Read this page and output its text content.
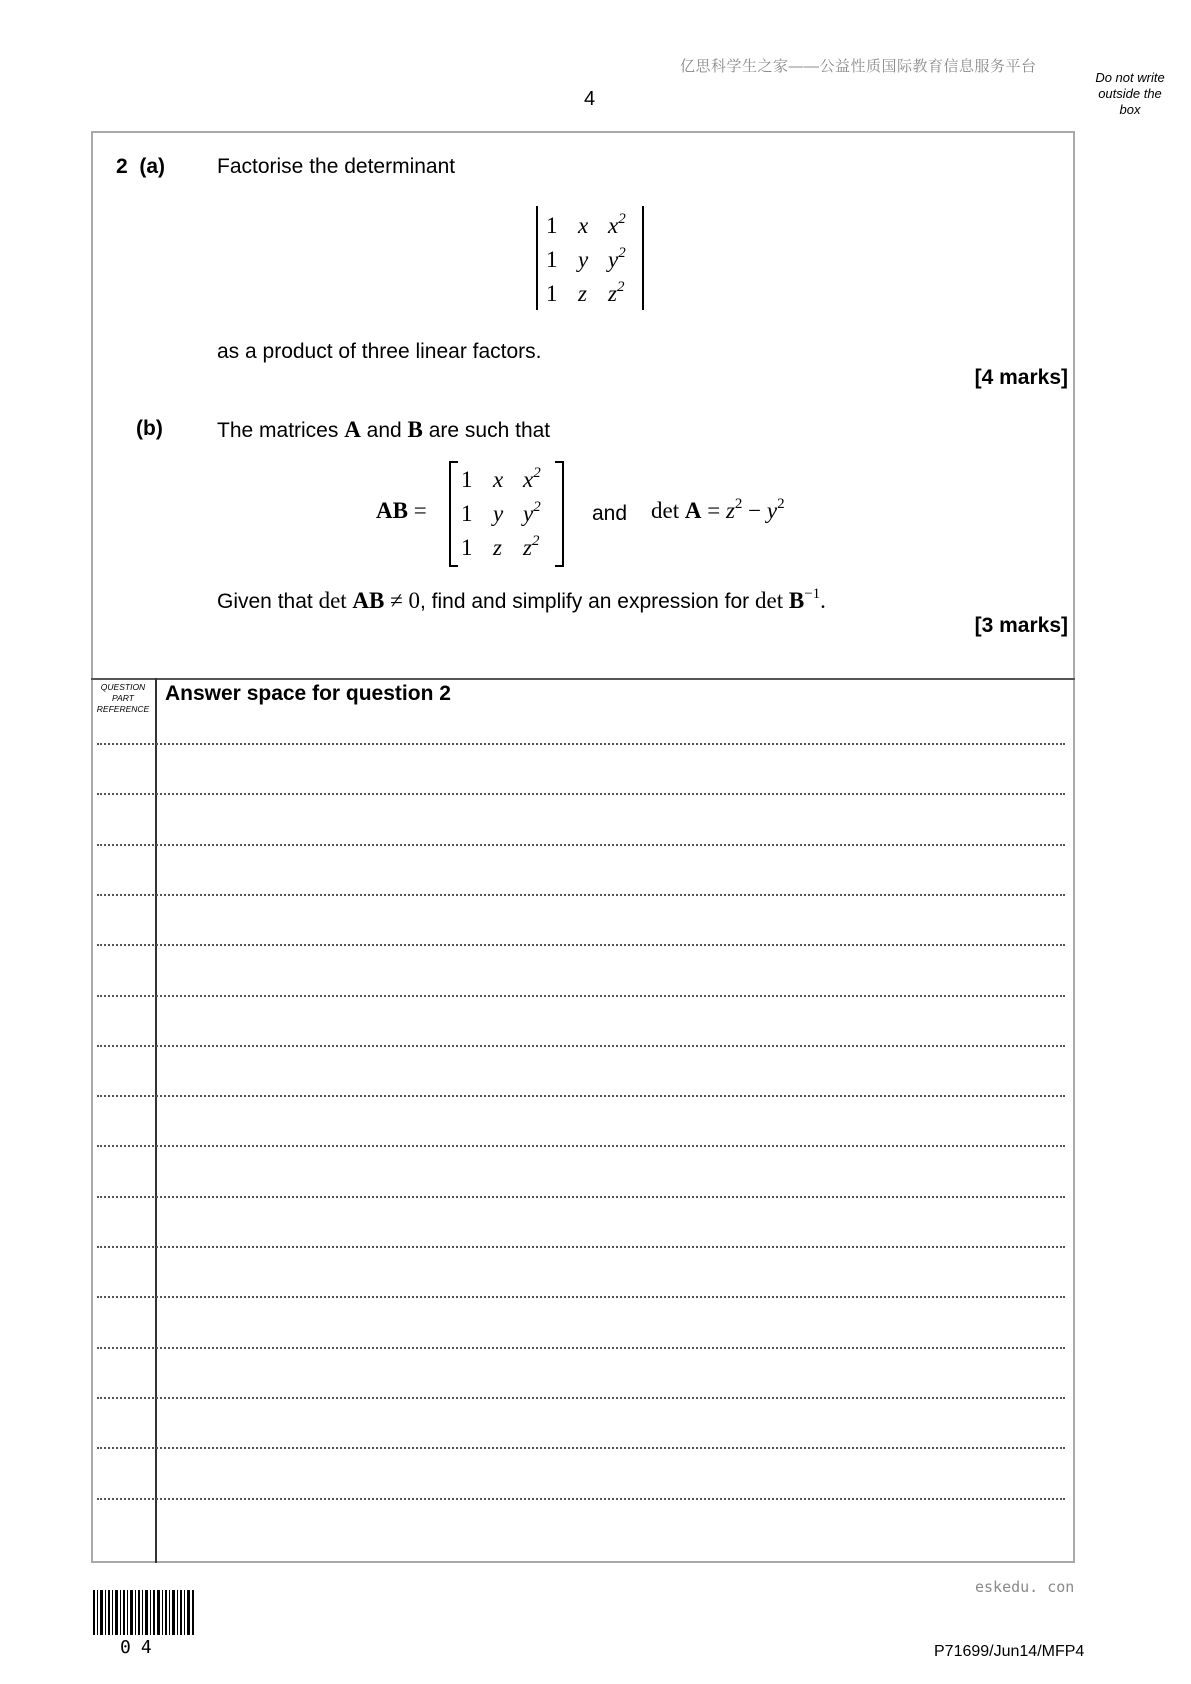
亿思科学生之家——公益性质国际教育信息服务平台
4
Do not write
outside the
box
2 (a) Factorise the determinant
1 x $x^2$
1 y $y^2$
1 z $z^2$
as a product of three linear factors.
[4 marks]
(b)	The matrices A and B are such that
AB =
1 x $x^2$
1 y $y^2$
1 z $z^2$
and $\det A = z^2 - y^2$
Given that det AB ≠ 0, find and simplify an expression for $\det B^{-1}$.
[3 marks]
QUESTION
PART
REFERENCE
Answer space for question 2
eskedu. con
04	P71699/Jun14/MFP4
